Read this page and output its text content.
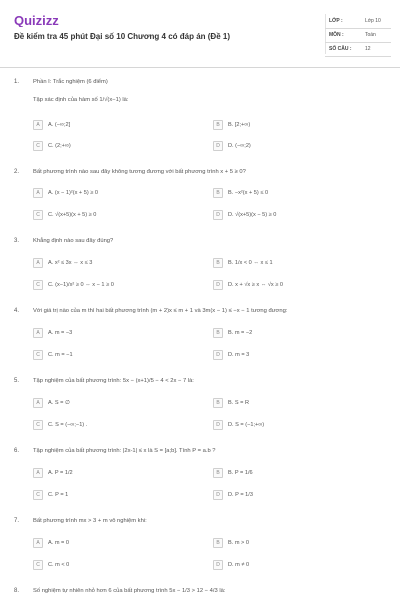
Quizizz
Đề kiểm tra 45 phút Đại số 10 Chương 4 có đáp án (Đề 1)
LỚP :	Lớp 10
MÔN :	Toán
SỐ CÂU :	12
1. Phần I: Trắc nghiệm (6 điểm)
Tập xác định của hàm số 1/√(x−1) là:
A	A. (−∞;2]	B	B. [2;+∞)
C	C. (2;+∞)	D	D. (−∞;2)
2. Bất phương trình nào sau đây không tương đương với bất phương trình x + 5 ≥ 0?
A	A. (x − 1)²(x + 5) ≥ 0	B	B. −x²(x + 5) ≤ 0
C	C. √(x+5)(x + 5) ≥ 0	D	D. √(x+5)(x − 5) ≥ 0
3. Khẳng định nào sau đây đúng?
A	A. x² ≤ 3x ⇔ x ≤ 3	B	B. 1/x < 0 ⇔ x ≤ 1
C	C. (x−1)/x² ≥ 0 ⇔ x − 1 ≥ 0	D	D. x + √x ≥ x ⇔ √x ≥ 0
4. Với giá trị nào của m thì hai bất phương trình (m + 2)x ≤ m + 1 và 3m(x − 1) ≤ −x − 1 tương đương:
A	A. m = −3	B	B. m = −2
C	C. m = −1	D	D. m = 3
5. Tập nghiệm của bất phương trình: 5x − (x+1)/5 − 4 < 2x − 7 là:
A	A. S = ∅	B	B. S = R
C	C. S = (−∞;−1) .	D	D. S = (−1;+∞)
6. Tập nghiệm của bất phương trình: |2x-1| ≤ x là S = [a;b]. Tính P = a.b ?
A	A. P = 1/2	B	B. P = 1/6
C	C. P = 1	D	D. P = 1/3
7. Bất phương trình mx > 3 + m vô nghiệm khi:
A	A. m = 0	B	B. m > 0
C	C. m < 0	D	D. m ≠ 0
8. Số nghiệm tự nhiên nhỏ hơn 6 của bất phương trình 5x − 1/3 > 12 − 4/3 là:
